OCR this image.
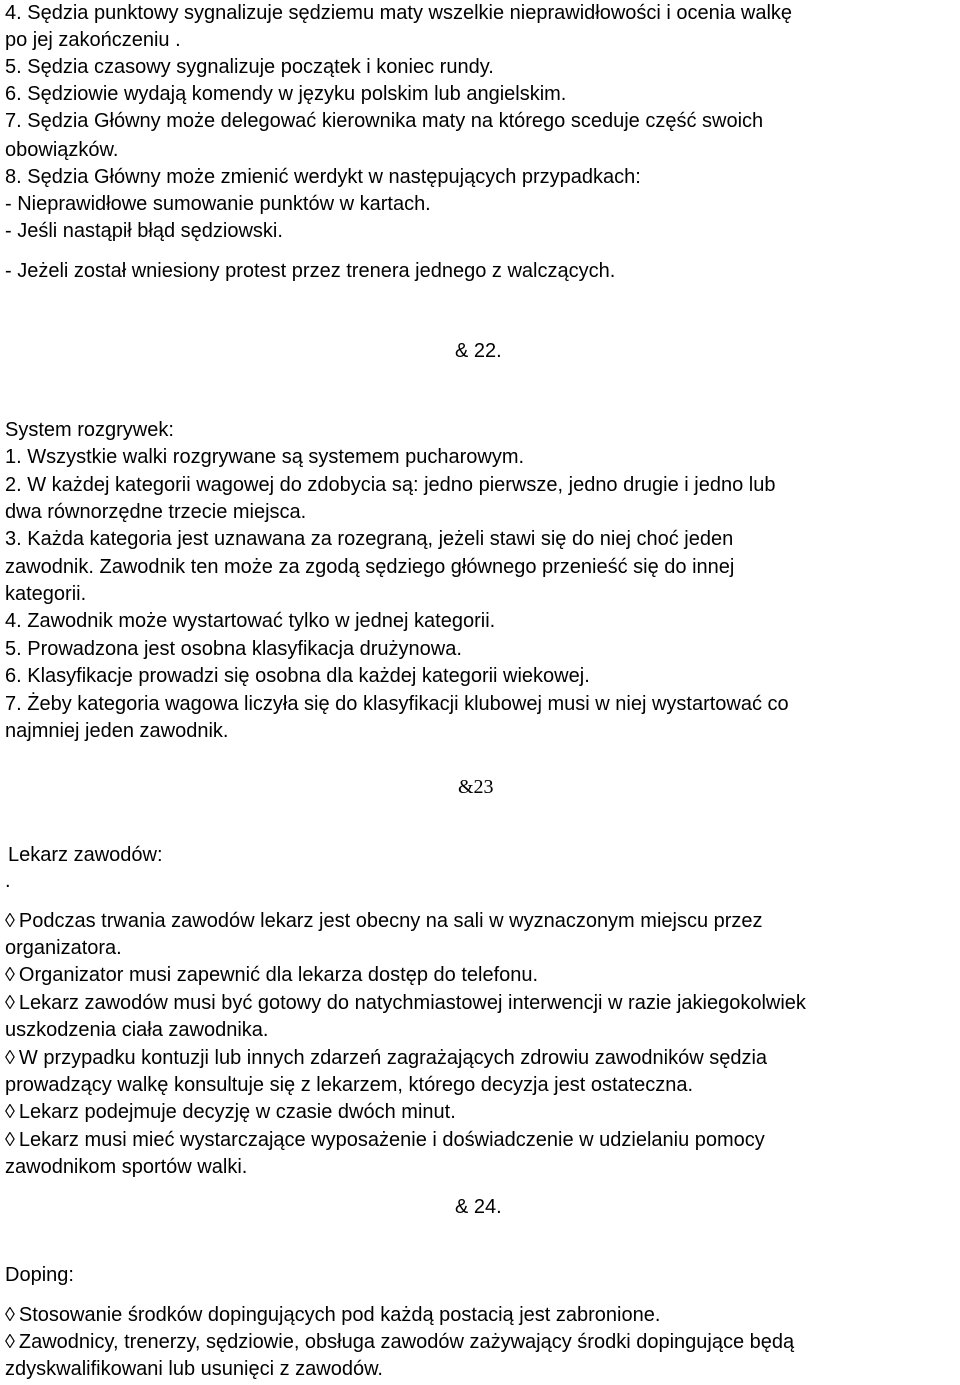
4. Sędzia punktowy sygnalizuje sędziemu maty wszelkie nieprawidłowości i ocenia walkę

po jej zakończeniu .

5. Sędzia czasowy sygnalizuje początek i koniec rundy.

6. Sędziowie wydają komendy w języku polskim lub angielskim.

7. Sędzia Główny może delegować kierownika maty na którego sceduje część swoich

obowiązków.

8. Sędzia Główny może zmienić werdykt w następujących przypadkach:

- Nieprawidłowe sumowanie punktów w kartach.

- Jeśli nastąpił błąd sędziowski.

- Jeżeli został wniesiony protest przez trenera jednego z walczących.

& 22.

System rozgrywek:

1. Wszystkie walki rozgrywane są systemem pucharowym.

2. W każdej kategorii wagowej do zdobycia są: jedno pierwsze, jedno drugie i jedno lub

dwa równorzędne trzecie miejsca.

3. Każda kategoria jest uznawana za rozegraną, jeżeli stawi się do niej choć jeden

zawodnik. Zawodnik ten może za zgodą sędziego głównego przenieść się do innej

kategorii.

4. Zawodnik może wystartować tylko w jednej kategorii.

5. Prowadzona jest osobna klasyfikacja drużynowa.

6. Klasyfikacje prowadzi się osobna dla każdej kategorii wiekowej.

7. Żeby kategoria wagowa liczyła się do klasyfikacji klubowej musi w niej wystartować co

najmniej jeden zawodnik.

&23

Lekarz zawodów:

.

◊ Podczas trwania zawodów lekarz jest obecny na sali w wyznaczonym miejscu przez

organizatora.

◊ Organizator musi zapewnić dla lekarza dostęp do telefonu.

◊ Lekarz zawodów musi być gotowy do natychmiastowej interwencji w razie jakiegokolwiek

uszkodzenia ciała zawodnika.

◊ W przypadku kontuzji lub innych zdarzeń zagrażających zdrowiu zawodników sędzia

prowadzący walkę konsultuje się z lekarzem, którego decyzja jest ostateczna.

◊ Lekarz podejmuje decyzję w czasie dwóch minut.

◊ Lekarz musi mieć wystarczające wyposażenie i doświadczenie w udzielaniu pomocy

zawodnikom sportów walki.

& 24.

Doping:

◊ Stosowanie środków dopingujących pod każdą postacią jest zabronione.

◊ Zawodnicy, trenerzy, sędziowie, obsługa zawodów zażywający środki dopingujące będą

zdyskwalifikowani lub usunięci z zawodów.
